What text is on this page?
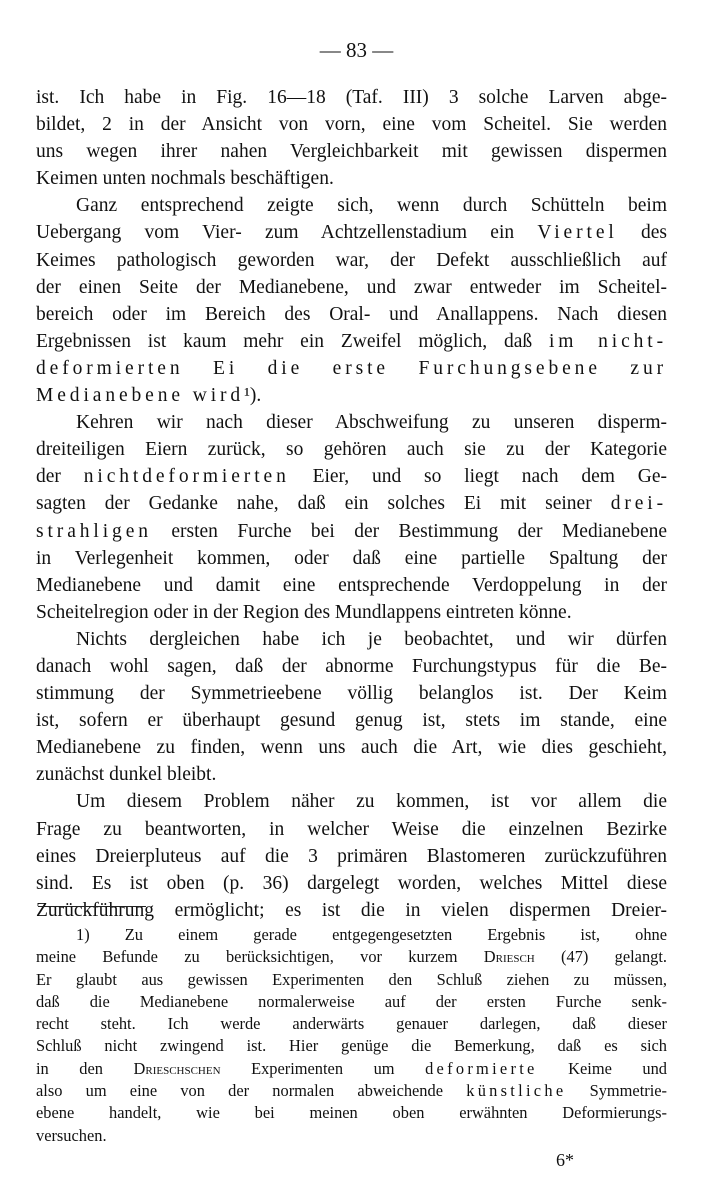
— 83 —
ist. Ich habe in Fig. 16—18 (Taf. III) 3 solche Larven abge-
bildet, 2 in der Ansicht von vorn, eine vom Scheitel. Sie werden
uns wegen ihrer nahen Vergleichbarkeit mit gewissen dispermen
Keimen unten nochmals beschäftigen.
Ganz entsprechend zeigte sich, wenn durch Schütteln beim
Uebergang vom Vier- zum Achtzellenstadium ein Viertel des
Keimes pathologisch geworden war, der Defekt ausschließlich auf
der einen Seite der Medianebene, und zwar entweder im Scheitel-
bereich oder im Bereich des Oral- und Anallappens. Nach diesen
Ergebnissen ist kaum mehr ein Zweifel möglich, daß im nicht-
deformierten Ei die erste Furchungsebene zur
Medianebene wird¹).
Kehren wir nach dieser Abschweifung zu unseren disperm-
dreiteiligen Eiern zurück, so gehören auch sie zu der Kategorie
der nichtdeformierten Eier, und so liegt nach dem Ge-
sagten der Gedanke nahe, daß ein solches Ei mit seiner drei-
strahligen ersten Furche bei der Bestimmung der Medianebene
in Verlegenheit kommen, oder daß eine partielle Spaltung der
Medianebene und damit eine entsprechende Verdoppelung in der
Scheitelregion oder in der Region des Mundlappens eintreten könne.
Nichts dergleichen habe ich je beobachtet, und wir dürfen
danach wohl sagen, daß der abnorme Furchungstypus für die Be-
stimmung der Symmetrieebene völlig belanglos ist. Der Keim
ist, sofern er überhaupt gesund genug ist, stets im stande, eine
Medianebene zu finden, wenn uns auch die Art, wie dies geschieht,
zunächst dunkel bleibt.
Um diesem Problem näher zu kommen, ist vor allem die
Frage zu beantworten, in welcher Weise die einzelnen Bezirke
eines Dreierpluteus auf die 3 primären Blastomeren zurückzuführen
sind. Es ist oben (p. 36) dargelegt worden, welches Mittel diese
Zurückführung ermöglicht; es ist die in vielen dispermen Dreier-
1) Zu einem gerade entgegengesetzten Ergebnis ist, ohne
meine Befunde zu berücksichtigen, vor kurzem Driesch (47) gelangt.
Er glaubt aus gewissen Experimenten den Schluß ziehen zu müssen,
daß die Medianebene normalerweise auf der ersten Furche senk-
recht steht. Ich werde anderwärts genauer darlegen, daß dieser
Schluß nicht zwingend ist. Hier genüge die Bemerkung, daß es sich
in den Drieschschen Experimenten um deformierte Keime und
also um eine von der normalen abweichende künstliche Symmetrie-
ebene handelt, wie bei meinen oben erwähnten Deformierungs-
versuchen.
6*
